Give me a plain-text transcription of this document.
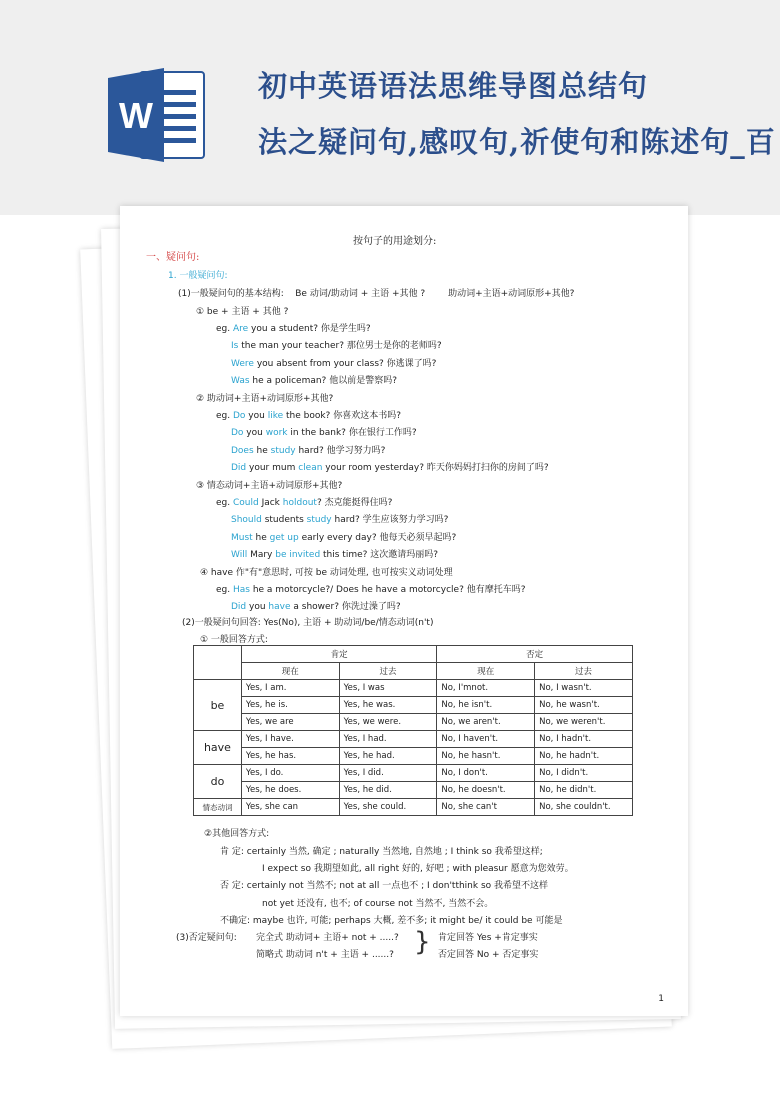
W
初中英语语法思维导图总结句
法之疑问句,感叹句,祈使句和陈述句_百
按句子的用途划分:
一、疑问句:
1. 一般疑问句:
(1)一般疑问句的基本结构: Be 动词/助动词 + 主语 +其他 ?	助动词+主语+动词原形+其他?
① be + 主语 + 其他 ?
eg. Are you a student? 你是学生吗?
Is the man your teacher? 那位男士是你的老师吗?
Were you absent from your class? 你逃课了吗?
Was he a policeman? 他以前是警察吗?
② 助动词+主语+动词原形+其他?
eg. Do you like the book? 你喜欢这本书吗?
Do you work in the bank? 你在银行工作吗?
Does he study hard? 他学习努力吗?
Did your mum clean your room yesterday? 昨天你妈妈打扫你的房间了吗?
③ 情态动词+主语+动词原形+其他?
eg. Could Jack holdout? 杰克能挺得住吗?
Should students study hard? 学生应该努力学习吗?
Must he get up early every day? 他每天必须早起吗?
Will Mary be invited this time? 这次邀请玛丽吗?
④ have 作"有"意思时, 可按 be 动词处理, 也可按实义动词处理
eg. Has he a motorcycle?/ Does he have a motorcycle? 他有摩托车吗?
Did you have a shower? 你洗过澡了吗?
(2)一般疑问句回答: Yes(No), 主语 + 助动词/be/情态动词(n't)
① 一般回答方式:
	肯定		否定	
	现在	过去	现在	过去
be	Yes, I am.	Yes, I was	No, I'mnot.	No, I wasn't.
	Yes, he is.	Yes, he was.	No, he isn't.	No, he wasn't.
	Yes, we are	Yes, we were.	No, we aren't.	No, we weren't.
have	Yes, I have.	Yes, I had.	No, I haven't.	No, I hadn't.
	Yes, he has.	Yes, he had.	No, he hasn't.	No, he hadn't.
do	Yes, I do.	Yes, I did.	No, I don't.	No, I didn't.
	Yes, he does.	Yes, he did.	No, he doesn't.	No, he didn't.
情态动词	Yes, she can	Yes, she could.	No, she can't	No, she couldn't.
②其他回答方式:
肯 定: certainly 当然, 确定 ; naturally 当然地, 自然地 ; I think so 我希望这样;
I expect so 我期望如此, all right 好的, 好吧 ; with pleasur 愿意为您效劳。
否 定: certainly not 当然不; not at all 一点也不 ; I don'tthink so 我希望不这样
not yet 还没有, 也不; of course not 当然不, 当然不会。
不确定: maybe 也许, 可能; perhaps 大概, 差不多; it might be/ it could be 可能是
(3)否定疑问句: 完全式 助动词+ 主语+ not + .....?
简略式 助动词 n't + 主语 + ......? } 肯定回答 Yes +肯定事实
否定回答 No + 否定事实
1
